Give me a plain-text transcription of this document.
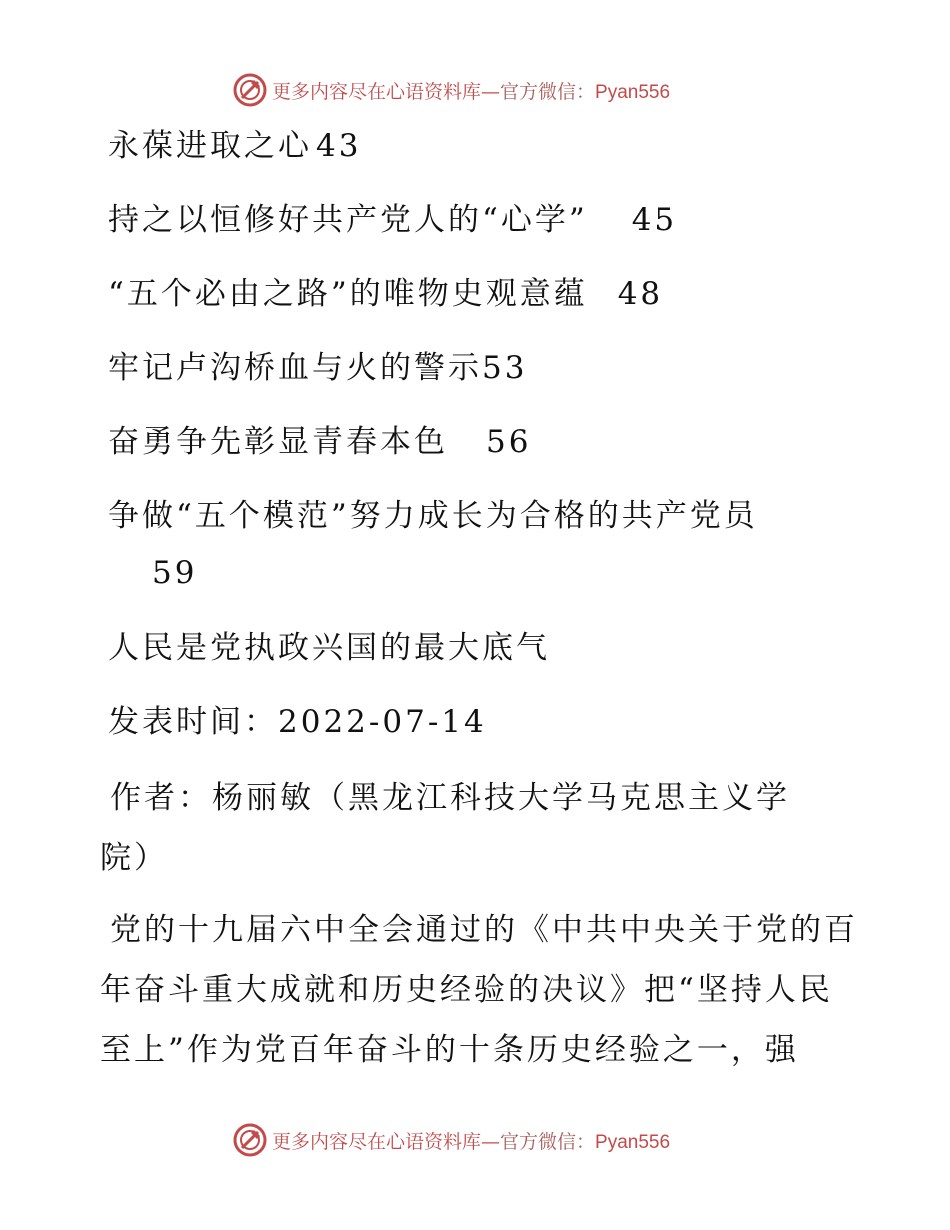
更多内容尽在心语资料库—官方微信：Pyan556
永葆进取之心 43
持之以恒修好共产党人的“心学” 45
“五个必由之路”的唯物史观意蕴 48
牢记卢沟桥血与火的警示53
奋勇争先彰显青春本色 56
争做“五个模范”努力成长为合格的共产党员
59
人民是党执政兴国的最大底气
发表时间：2022-07-14
作者：杨丽敏（黑龙江科技大学马克思主义学院）
党的十九届六中全会通过的《中共中央关于党的百年奋斗重大成就和历史经验的决议》把“坚持人民至上”作为党百年奋斗的十条历史经验之一，强
更多内容尽在心语资料库—官方微信：Pyan556
